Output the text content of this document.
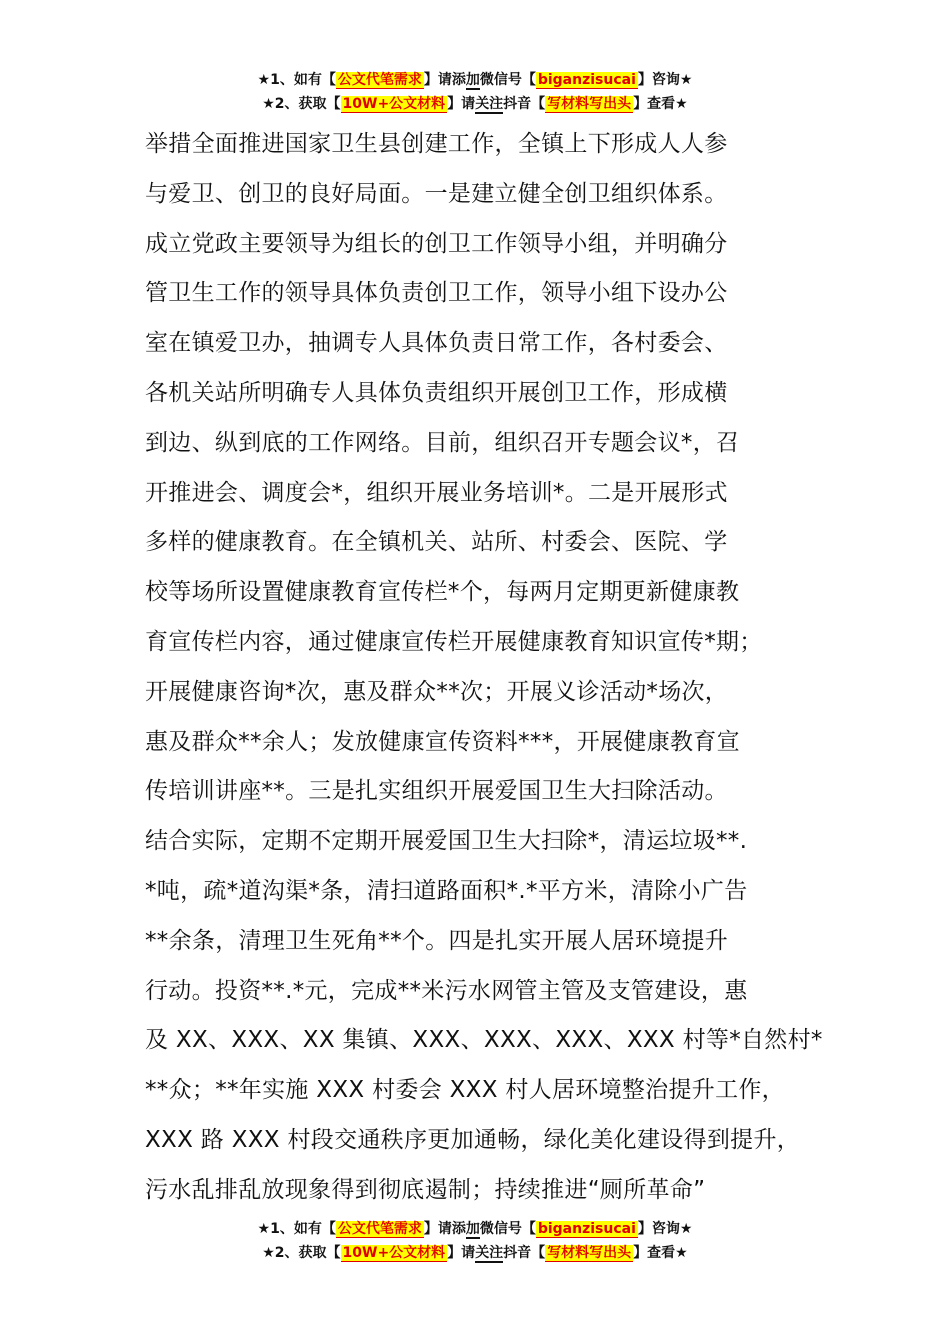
★1、如有【 公文代笔需求 】请添加微信号【 biganzisucai 】咨询★
★2、获取【 10W+公文材料 】请关注抖音【 写材料写出头 】查看★
举措全面推进国家卫生县创建工作，全镇上下形成人人参
与爱卫、创卫的良好局面。一是建立健全创卫组织体系。
成立党政主要领导为组长的创卫工作领导小组，并明确分
管卫生工作的领导具体负责创卫工作，领导小组下设办公
室在镇爱卫办，抽调专人具体负责日常工作，各村委会、
各机关站所明确专人具体负责组织开展创卫工作，形成横
到边、纵到底的工作网络。目前，组织召开专题会议*，召
开推进会、调度会*，组织开展业务培训*。二是开展形式
多样的健康教育。在全镇机关、站所、村委会、医院、学
校等场所设置健康教育宣传栏*个，每两月定期更新健康教
育宣传栏内容，通过健康宣传栏开展健康教育知识宣传*期；
开展健康咨询*次，惠及群众**次；开展义诊活动*场次，
惠及群众**余人；发放健康宣传资料***，开展健康教育宣
传培训讲座**。三是扎实组织开展爱国卫生大扫除活动。
结合实际，定期不定期开展爱国卫生大扫除*，清运垃圾**.
*吨，疏*道沟渠*条，清扫道路面积*.*平方米，清除小广告
**余条，清理卫生死角**个。四是扎实开展人居环境提升
行动。投资**.*元，完成**米污水网管主管及支管建设，惠
及 XX、XXX、XX 集镇、XXX、XXX、XXX、XXX 村等*自然村*
**众；**年实施 XXX 村委会 XXX 村人居环境整治提升工作，
XXX 路 XXX 村段交通秩序更加通畅，绿化美化建设得到提升，
污水乱排乱放现象得到彻底遏制；持续推进“厕所革命”
★1、如有【 公文代笔需求 】请添加微信号【 biganzisucai 】咨询★
★2、获取【 10W+公文材料 】请关注抖音【 写材料写出头 】查看★
